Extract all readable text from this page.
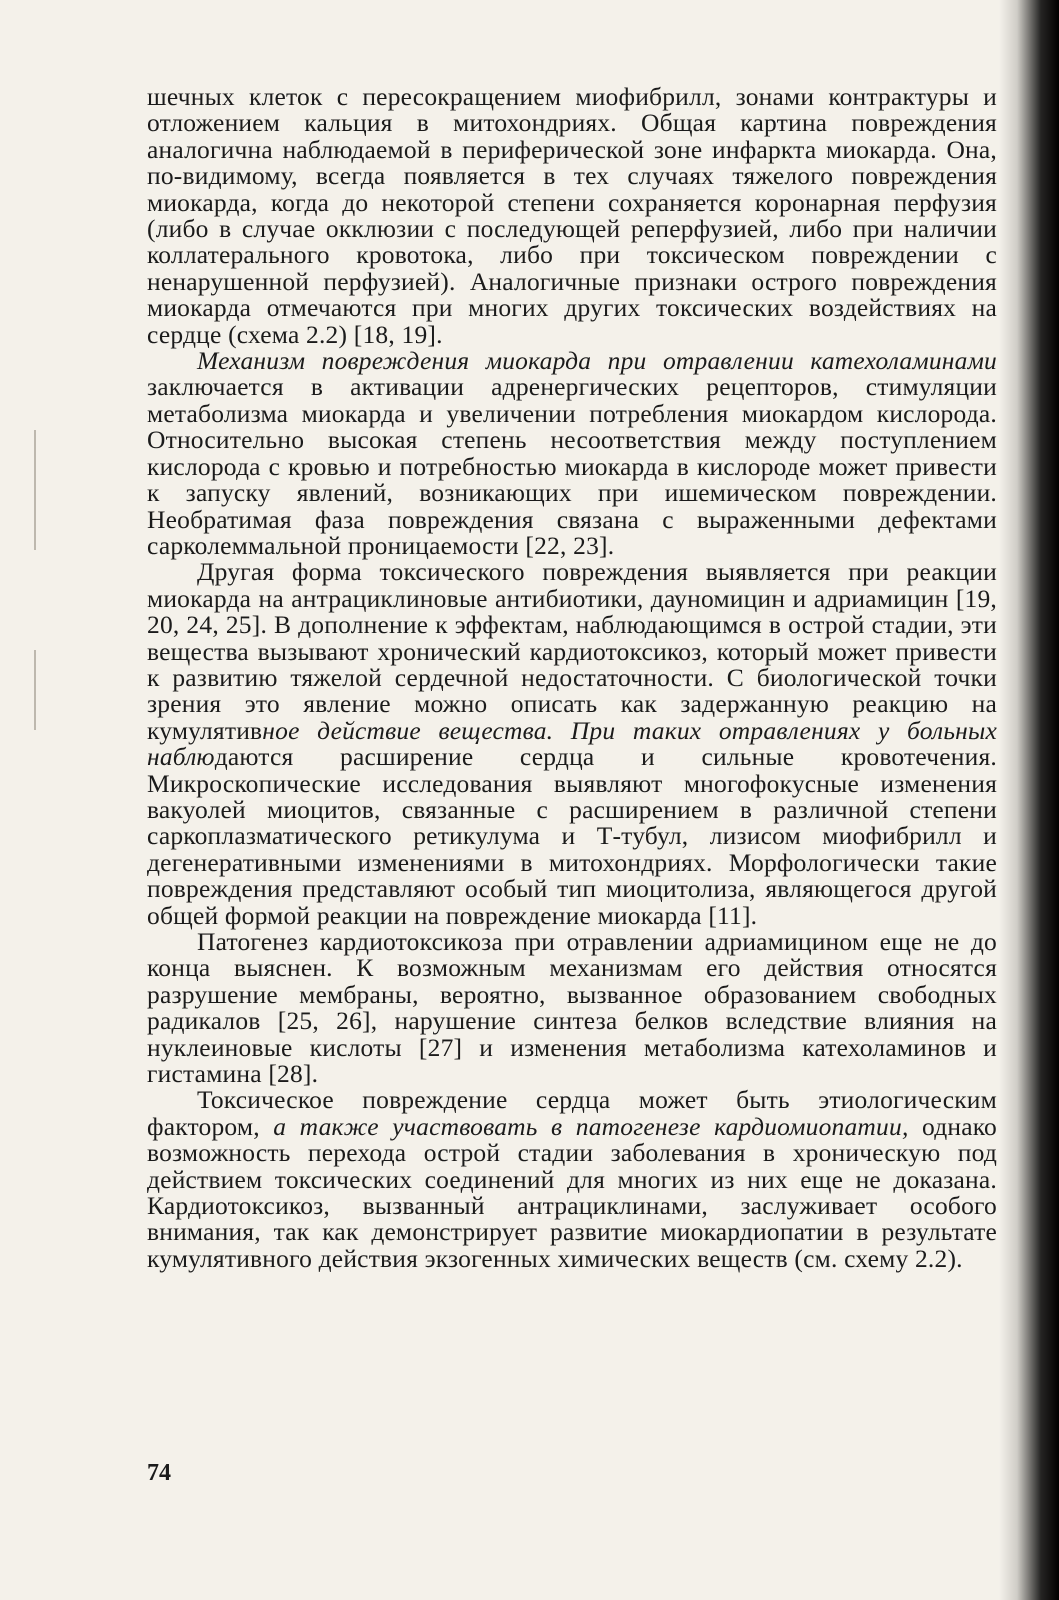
шечных клеток с пересокращением миофибрилл, зонами контрактуры и отложением кальция в митохондриях. Общая картина повреждения аналогична наблюдаемой в периферической зоне инфаркта миокарда. Она, по-видимому, всегда появляется в тех случаях тяжелого повреждения миокарда, когда до некоторой степени сохраняется коронарная перфузия (либо в случае окклюзии с последующей реперфузией, либо при наличии коллатерального кровотока, либо при токсическом повреждении с ненарушенной перфузией). Аналогичные признаки острого повреждения миокарда отмечаются при многих других токсических воздействиях на сердце (схема 2.2) [18, 19].

Механизм повреждения миокарда при отравлении катехоламинами заключается в активации адренергических рецепторов, стимуляции метаболизма миокарда и увеличении потребления миокардом кислорода. Относительно высокая степень несоответствия между поступлением кислорода с кровью и потребностью миокарда в кислороде может привести к запуску явлений, возникающих при ишемическом повреждении. Необратимая фаза повреждения связана с выраженными дефектами сарколеммальной проницаемости [22, 23].

Другая форма токсического повреждения выявляется при реакции миокарда на антрациклиновые антибиотики, дауномицин и адриамицин [19, 20, 24, 25]. В дополнение к эффектам, наблюдающимся в острой стадии, эти вещества вызывают хронический кардиотоксикоз, который может привести к развитию тяжелой сердечной недостаточности. С биологической точки зрения это явление можно описать как задержанную реакцию на кумулятивное действие вещества. При таких отравлениях у больных наблюдаются расширение сердца и сильные кровотечения. Микроскопические исследования выявляют многофокусные изменения вакуолей миоцитов, связанные с расширением в различной степени саркоплазматического ретикулума и Т-тубул, лизисом миофибрилл и дегенеративными изменениями в митохондриях. Морфологически такие повреждения представляют особый тип миоцитолиза, являющегося другой общей формой реакции на повреждение миокарда [11].

Патогенез кардиотоксикоза при отравлении адриамицином еще не до конца выяснен. К возможным механизмам его действия относятся разрушение мембраны, вероятно, вызванное образованием свободных радикалов [25, 26], нарушение синтеза белков вследствие влияния на нуклеиновые кислоты [27] и изменения метаболизма катехоламинов и гистамина [28].

Токсическое повреждение сердца может быть этиологическим фактором, а также участвовать в патогенезе кардиомиопатии, однако возможность перехода острой стадии заболевания в хроническую под действием токсических соединений для многих из них еще не доказана. Кардиотоксикоз, вызванный антрациклинами, заслуживает особого внимания, так как демонстрирует развитие миокардиопатии в результате кумулятивного действия экзогенных химических веществ (см. схему 2.2).

74
